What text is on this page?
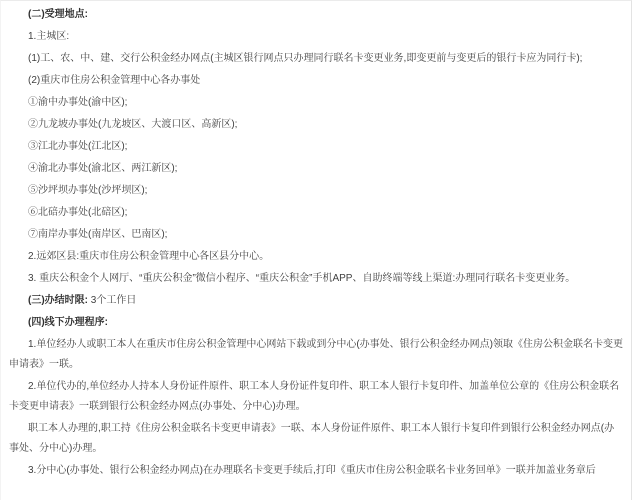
(二)受理地点:

1.主城区:

(1)工、农、中、建、交行公积金经办网点(主城区银行网点只办理同行联名卡变更业务,即变更前与变更后的银行卡应为同行卡);

(2)重庆市住房公积金管理中心各办事处

①渝中办事处(渝中区);

②九龙坡办事处(九龙坡区、大渡口区、高新区);

③江北办事处(江北区);

④渝北办事处(渝北区、两江新区);

⑤沙坪坝办事处(沙坪坝区);

⑥北碚办事处(北碚区);

⑦南岸办事处(南岸区、巴南区);

2.远郊区县:重庆市住房公积金管理中心各区县分中心。

3. 重庆公积金个人网厅、“重庆公积金”微信小程序、“重庆公积金”手机APP、自助终端等线上渠道:办理同行联名卡变更业务。

(三)办结时限: 3个工作日

(四)线下办理程序:

1.单位经办人或职工本人在重庆市住房公积金管理中心网站下载或到分中心(办事处、银行公积金经办网点)领取《住房公积金联名卡变更申请表》一联。

2.单位代办的,单位经办人持本人身份证件原件、职工本人身份证件复印件、职工本人银行卡复印件、加盖单位公章的《住房公积金联名卡变更申请表》一联到银行公积金经办网点(办事处、分中心)办理。

职工本人办理的,职工持《住房公积金联名卡变更申请表》一联、本人身份证件原件、职工本人银行卡复印件到银行公积金经办网点(办事处、分中心)办理。

3.分中心(办事处、银行公积金经办网点)在办理联名卡变更手续后,打印《重庆市住房公积金联名卡业务回单》一联并加盖业务章后
